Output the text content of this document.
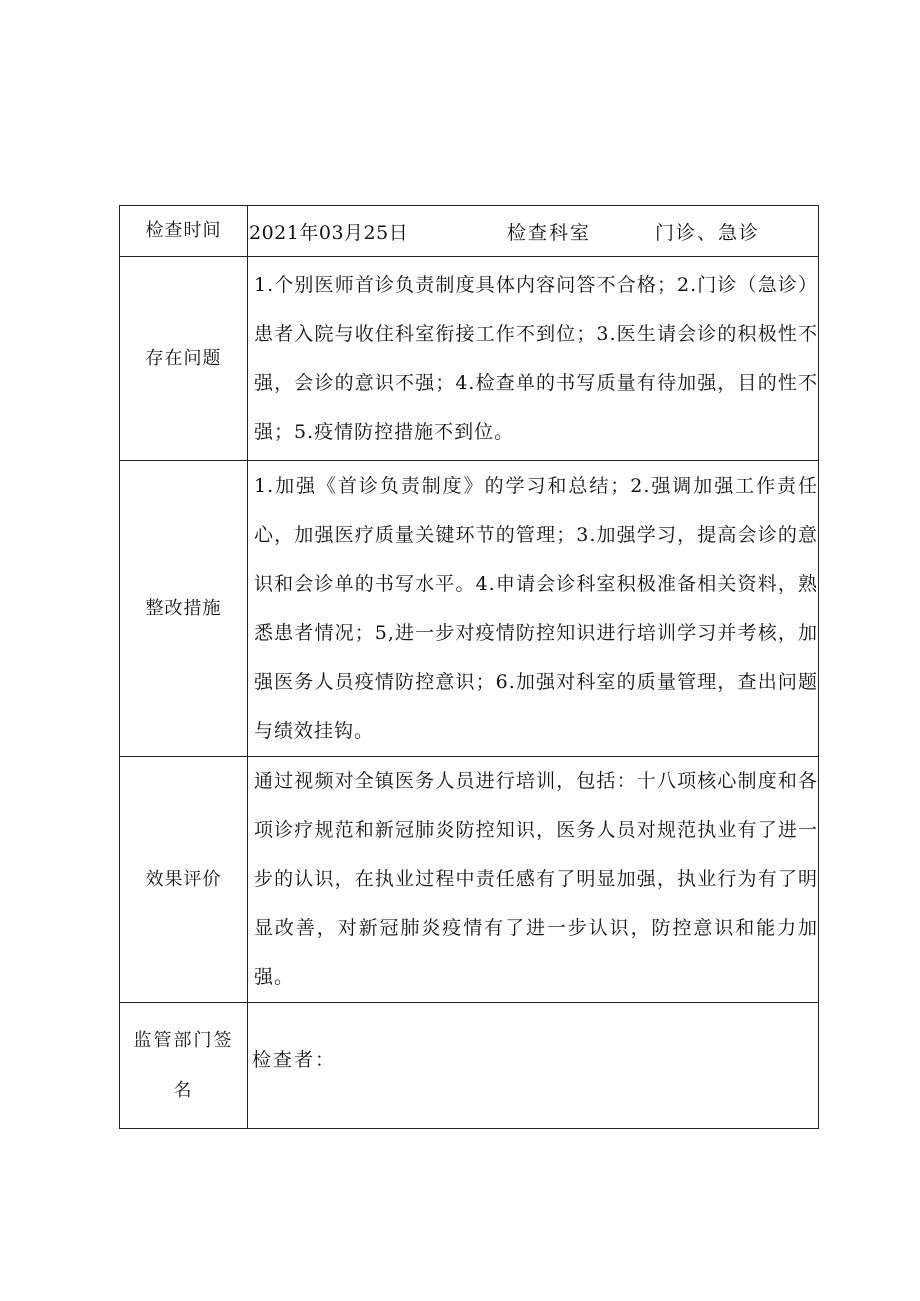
检查时间	2021年03月25日 检查科室 门诊、急诊

存在问题	1.个别医师首诊负责制度具体内容问答不合格；2.门诊（急诊）患者入院与收住科室衔接工作不到位；3.医生请会诊的积极性不强，会诊的意识不强；4.检查单的书写质量有待加强，目的性不强；5.疫情防控措施不到位。
整改措施	1.加强《首诊负责制度》的学习和总结；2.强调加强工作责任心，加强医疗质量关键环节的管理；3.加强学习，提高会诊的意识和会诊单的书写水平。4.申请会诊科室积极准备相关资料，熟悉患者情况；5,进一步对疫情防控知识进行培训学习并考核，加强医务人员疫情防控意识；6.加强对科室的质量管理，查出问题与绩效挂钩。
效果评价	通过视频对全镇医务人员进行培训，包括：十八项核心制度和各项诊疗规范和新冠肺炎防控知识，医务人员对规范执业有了进一步的认识，在执业过程中责任感有了明显加强，执业行为有了明显改善，对新冠肺炎疫情有了进一步认识，防控意识和能力加强。
监管部门签名	检查者：
